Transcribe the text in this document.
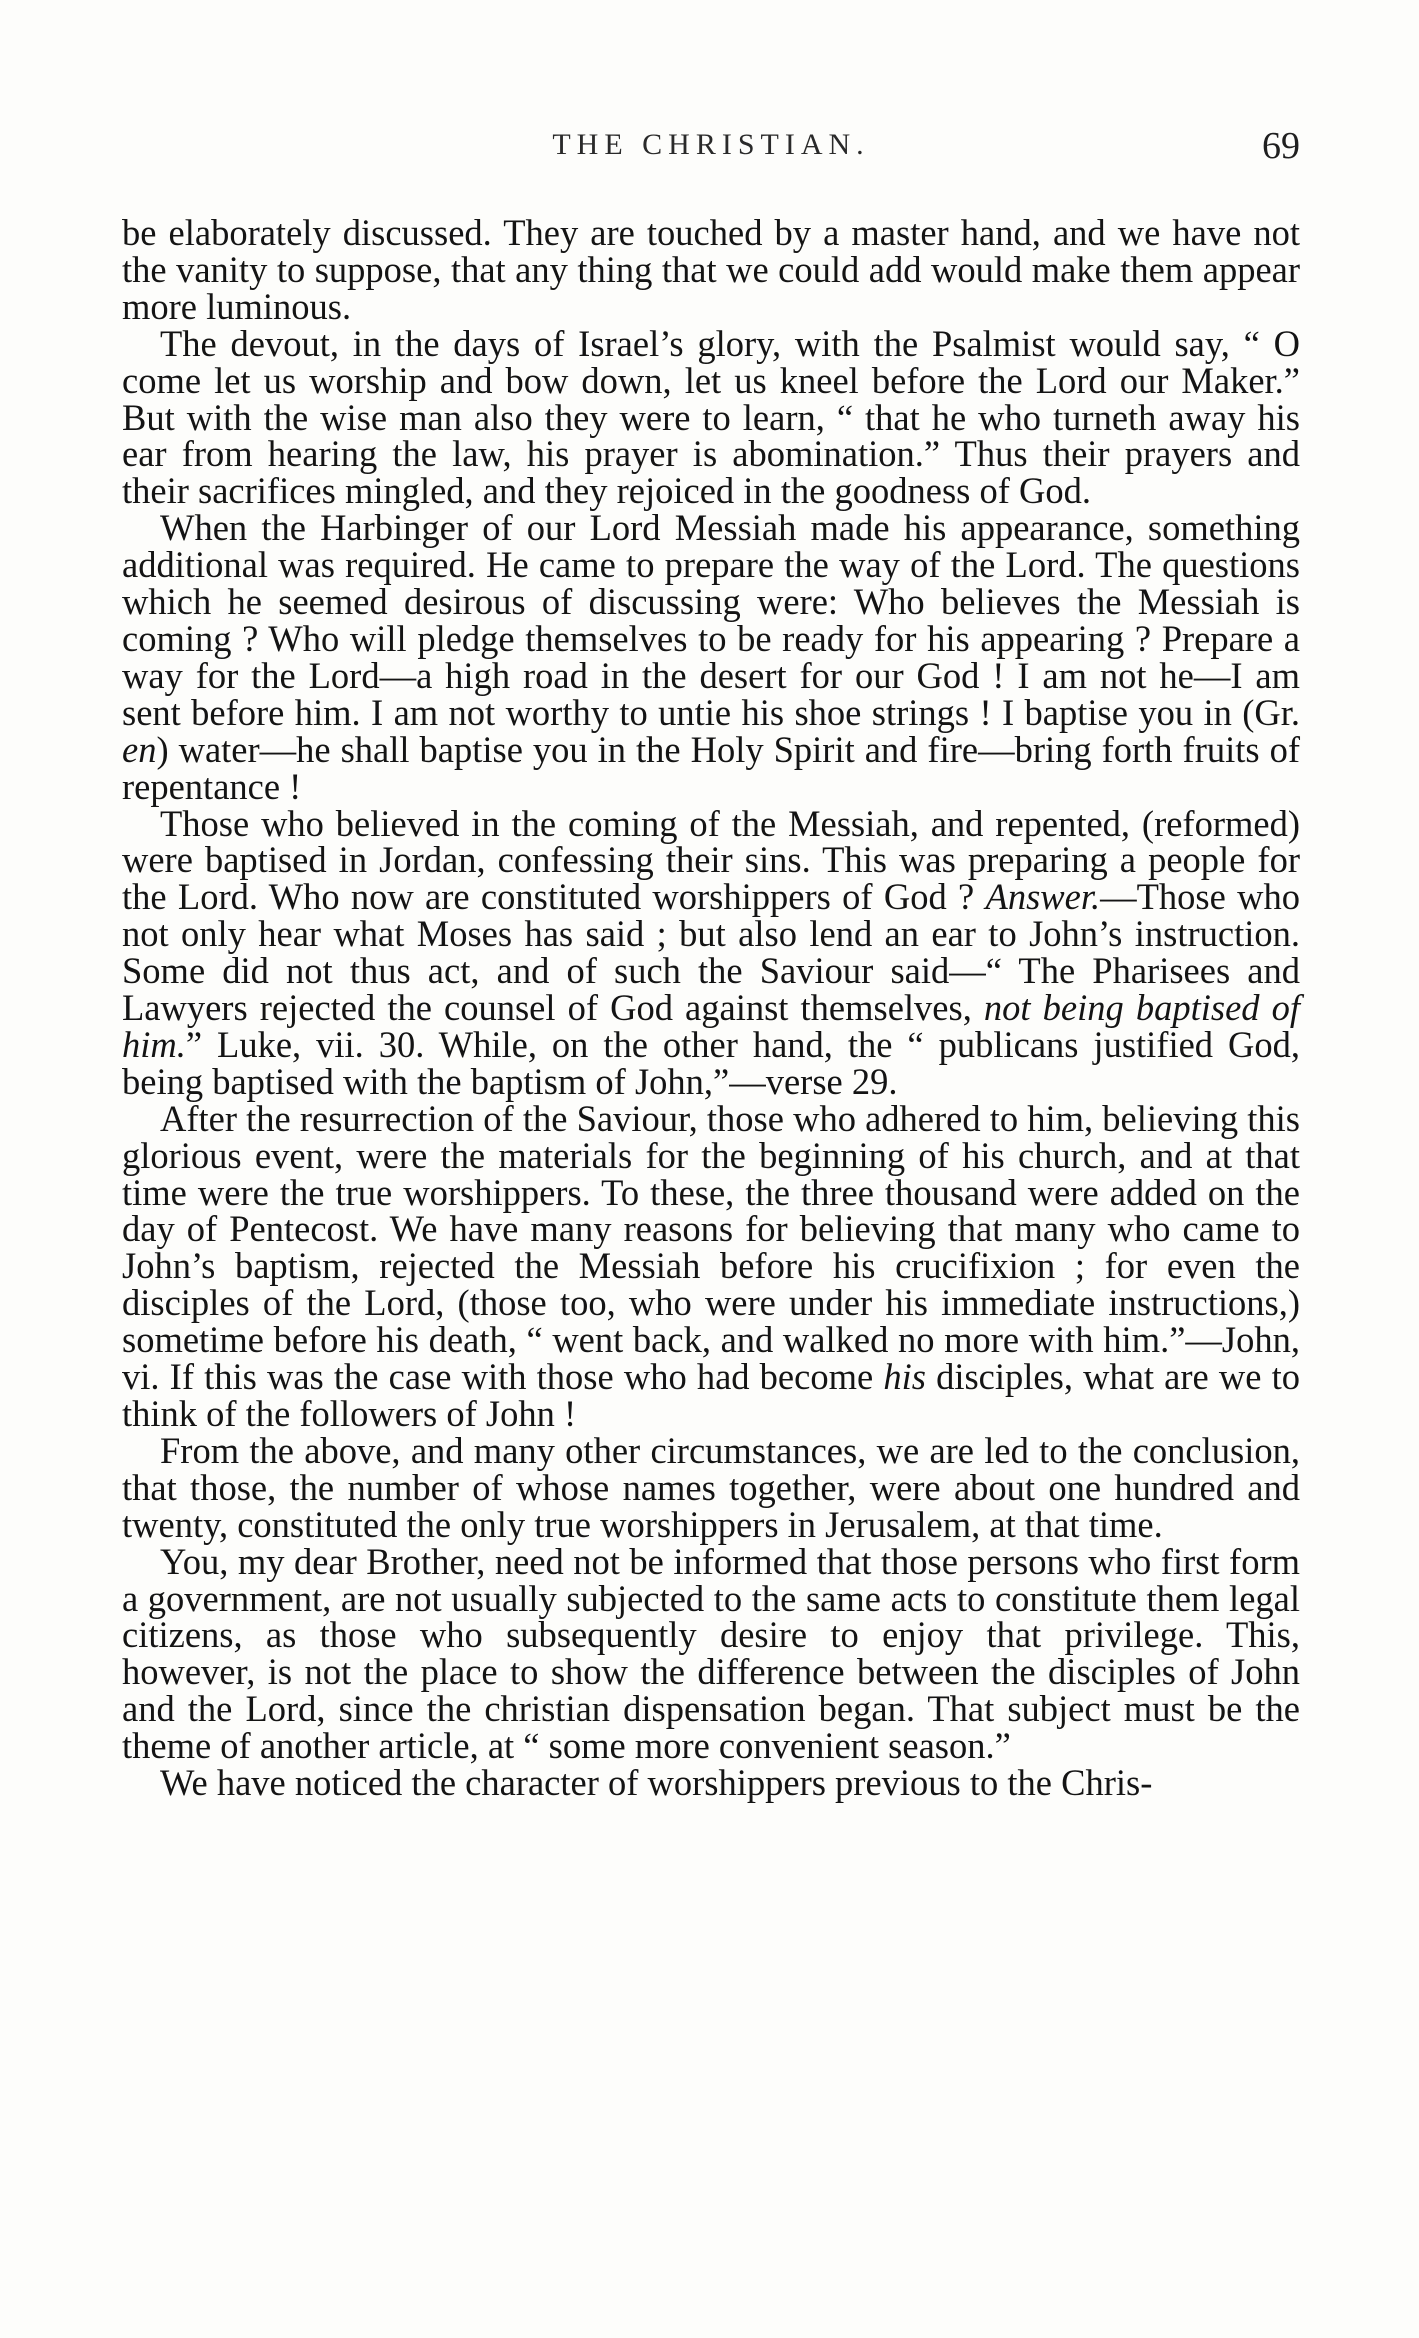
THE CHRISTIAN.	69

be elaborately discussed. They are touched by a master hand, and we have not the vanity to suppose, that any thing that we could add would make them appear more luminous.

The devout, in the days of Israel’s glory, with the Psalmist would say, “ O come let us worship and bow down, let us kneel before the Lord our Maker.” But with the wise man also they were to learn, “ that he who turneth away his ear from hearing the law, his prayer is abomination.” Thus their prayers and their sacrifices mingled, and they rejoiced in the goodness of God.

When the Harbinger of our Lord Messiah made his appearance, something additional was required. He came to prepare the way of the Lord. The questions which he seemed desirous of discussing were: Who believes the Messiah is coming ? Who will pledge themselves to be ready for his appearing ? Prepare a way for the Lord—a high road in the desert for our God ! I am not he—I am sent before him. I am not worthy to untie his shoe strings ! I baptise you in (Gr. en) water—he shall baptise you in the Holy Spirit and fire—bring forth fruits of repentance !

Those who believed in the coming of the Messiah, and repented, (reformed) were baptised in Jordan, confessing their sins. This was preparing a people for the Lord. Who now are constituted worshippers of God ? Answer.—Those who not only hear what Moses has said ; but also lend an ear to John’s instruction. Some did not thus act, and of such the Saviour said—“ The Pharisees and Lawyers rejected the counsel of God against themselves, not being baptised of him.” Luke, vii. 30. While, on the other hand, the “ publicans justified God, being baptised with the baptism of John,”—verse 29.

After the resurrection of the Saviour, those who adhered to him, believing this glorious event, were the materials for the beginning of his church, and at that time were the true worshippers. To these, the three thousand were added on the day of Pentecost. We have many reasons for believing that many who came to John’s baptism, rejected the Messiah before his crucifixion ; for even the disciples of the Lord, (those too, who were under his immediate instructions,) sometime before his death, “ went back, and walked no more with him.”—John, vi. If this was the case with those who had become his disciples, what are we to think of the followers of John !

From the above, and many other circumstances, we are led to the conclusion, that those, the number of whose names together, were about one hundred and twenty, constituted the only true worshippers in Jerusalem, at that time.

You, my dear Brother, need not be informed that those persons who first form a government, are not usually subjected to the same acts to constitute them legal citizens, as those who subsequently desire to enjoy that privilege. This, however, is not the place to show the difference between the disciples of John and the Lord, since the christian dispensation began. That subject must be the theme of another article, at “ some more convenient season.”

We have noticed the character of worshippers previous to the Chris-
